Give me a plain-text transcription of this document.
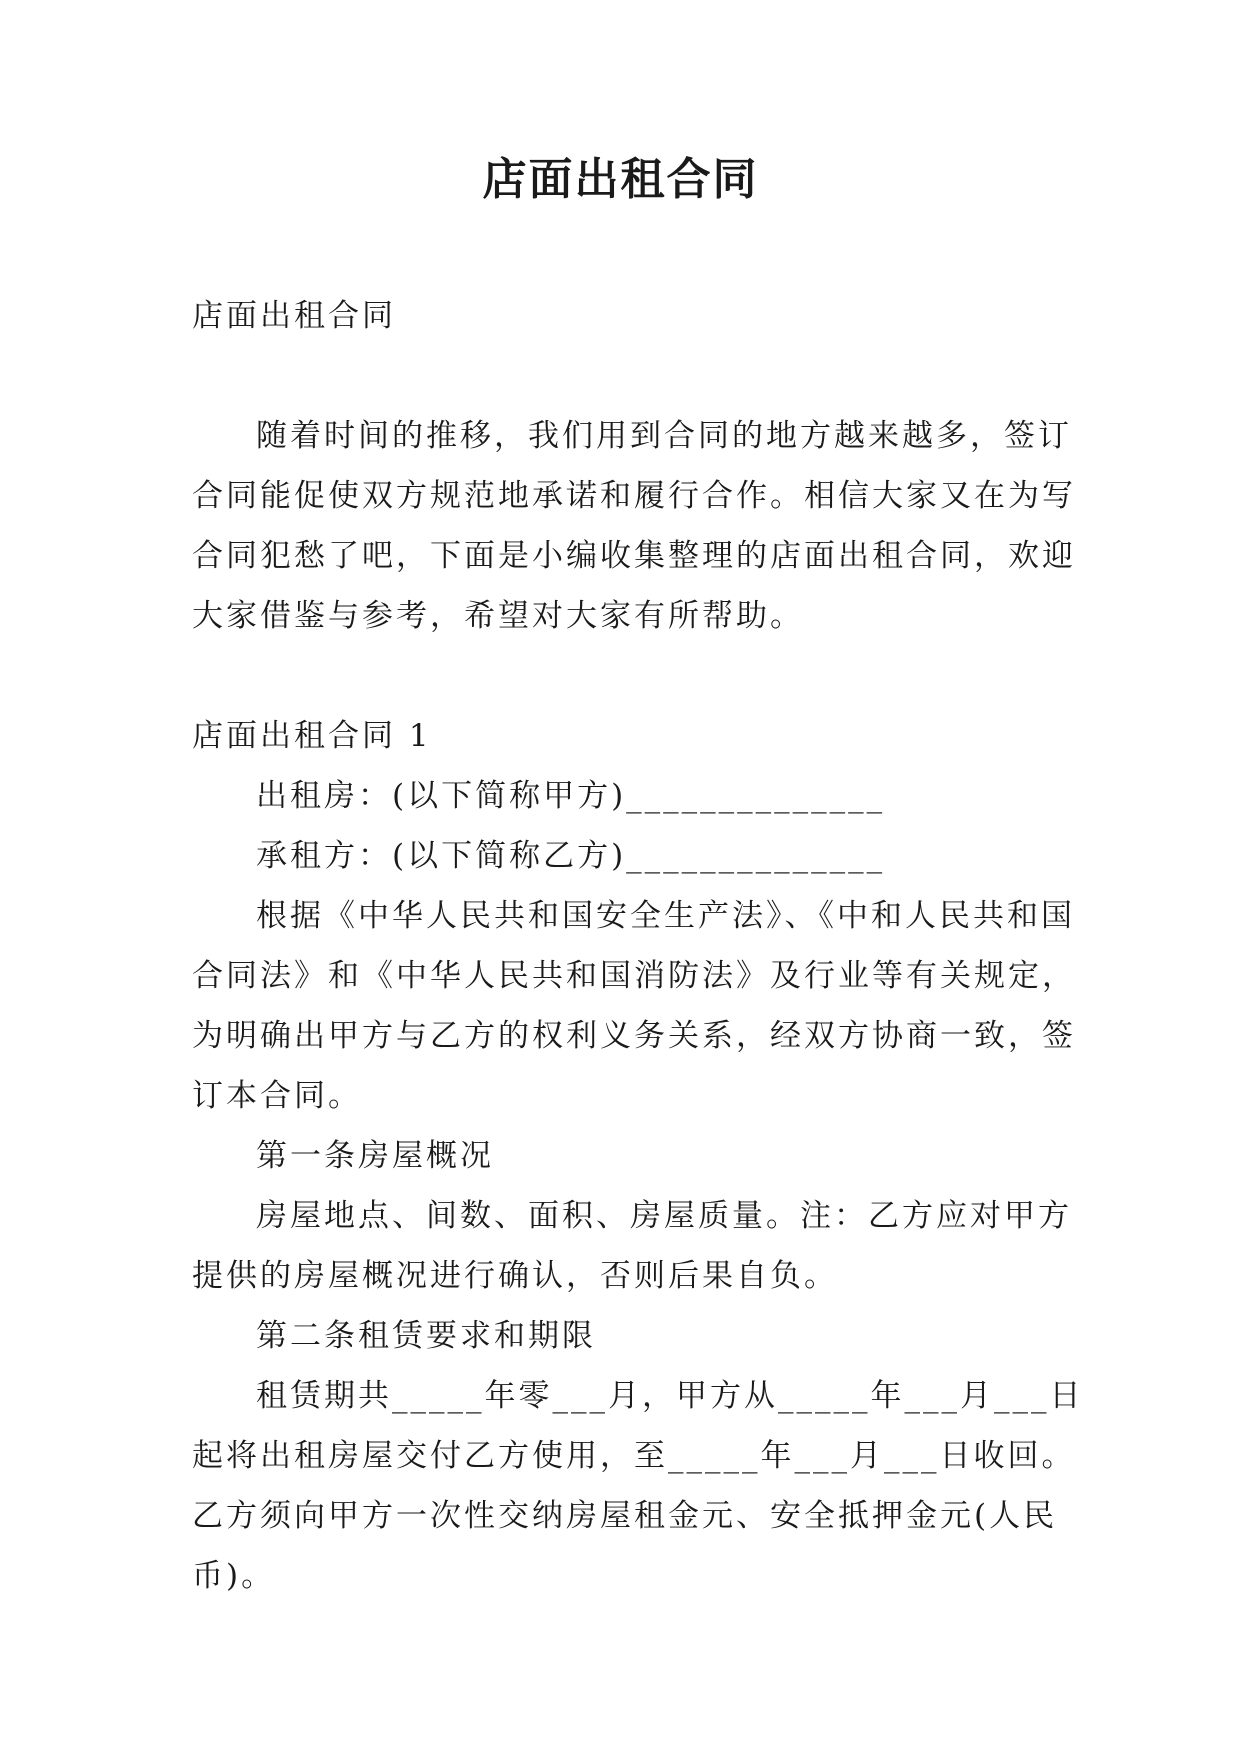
店面出租合同
店面出租合同
随着时间的推移，我们用到合同的地方越来越多，签订
合同能促使双方规范地承诺和履行合作。相信大家又在为写
合同犯愁了吧，下面是小编收集整理的店面出租合同，欢迎
大家借鉴与参考，希望对大家有所帮助。
店面出租合同 1
出租房：(以下简称甲方)______________
承租方：(以下简称乙方)______________
根据《中华人民共和国安全生产法》、《中和人民共和国
合同法》和《中华人民共和国消防法》及行业等有关规定，
为明确出甲方与乙方的权利义务关系，经双方协商一致，签
订本合同。
第一条房屋概况
房屋地点、间数、面积、房屋质量。注：乙方应对甲方
提供的房屋概况进行确认，否则后果自负。
第二条租赁要求和期限
租赁期共_____年零___月，甲方从_____年___月___日
起将出租房屋交付乙方使用，至_____年___月___日收回。
乙方须向甲方一次性交纳房屋租金元、安全抵押金元(人民
币)。
